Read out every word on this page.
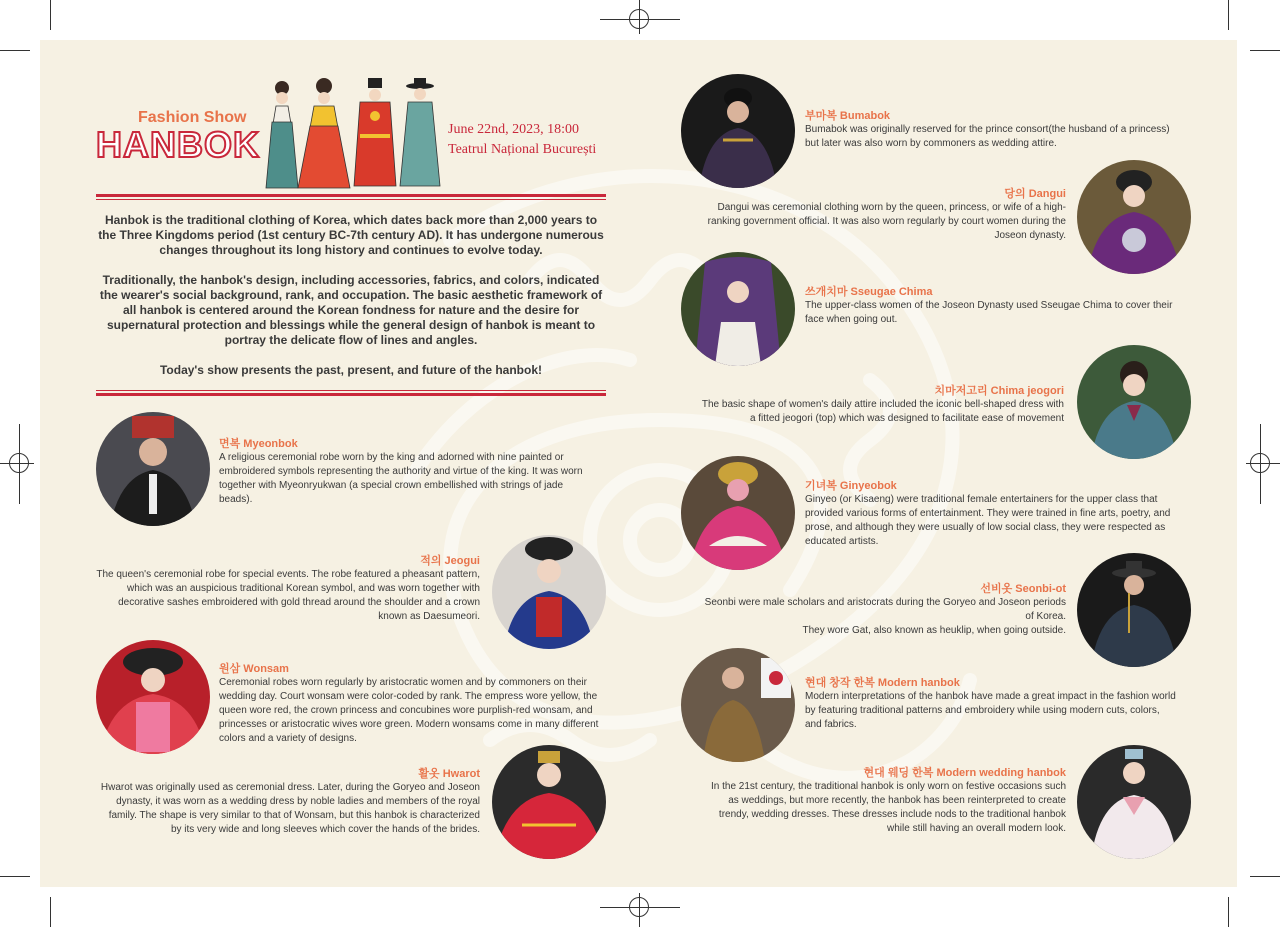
Fashion Show
HANBOK	June 22nd, 2023, 18:00
Teatrul Național București

Hanbok is the traditional clothing of Korea, which dates back more than 2,000 years to the Three Kingdoms period (1st century BC-7th century AD). It has undergone numerous changes throughout its long history and continues to evolve today.

Traditionally, the hanbok's design, including accessories, fabrics, and colors, indicated the wearer's social background, rank, and occupation. The basic aesthetic framework of all hanbok is centered around the Korean fondness for nature and the desire for supernatural protection and blessings while the general design of hanbok is meant to portray the delicate flow of lines and angles.

Today's show presents the past, present, and future of the hanbok!

면복 Myeonbok

A religious ceremonial robe worn by the king and adorned with nine painted or embroidered symbols representing the authority and virtue of the king. It was worn together with Myeonryukwan (a special crown embellished with strings of jade beads).

적의 Jeogui

The queen's ceremonial robe for special events. The robe featured a pheasant pattern, which was an auspicious traditional Korean symbol, and was worn together with decorative sashes embroidered with gold thread around the shoulder and a crown known as Daesumeori.

원삼 Wonsam

Ceremonial robes worn regularly by aristocratic women and by commoners on their wedding day. Court wonsam were color-coded by rank. The empress wore yellow, the queen wore red, the crown princess and concubines wore purplish-red wonsam, and princesses or aristocratic wives wore green. Modern wonsams come in many different colors and a variety of designs.

활옷 Hwarot

Hwarot was originally used as ceremonial dress. Later, during the Goryeo and Joseon dynasty, it was worn as a wedding dress by noble ladies and members of the royal family. The shape is very similar to that of Wonsam, but this hanbok is characterized by its very wide and long sleeves which cover the hands of the brides.

부마복 Bumabok

Bumabok was originally reserved for the prince consort(the husband of a princess) but later was also worn by commoners as wedding attire.

당의 Dangui

Dangui was ceremonial clothing worn by the queen, princess, or wife of a high-ranking government official. It was also worn regularly by court women during the Joseon dynasty.

쓰개치마 Sseugae Chima

The upper-class women of the Joseon Dynasty used Sseugae Chima to cover their face when going out.

치마저고리 Chima jeogori

The basic shape of women's daily attire included the iconic bell-shaped dress with a fitted jeogori (top) which was designed to facilitate ease of movement

기녀복 Ginyeobok

Ginyeo (or Kisaeng) were traditional female entertainers for the upper class that provided various forms of entertainment. They were trained in fine arts, poetry, and prose, and although they were usually of low social class, they were respected as educated artists.

선비옷 Seonbi-ot

Seonbi were male scholars and aristocrats during the Goryeo and Joseon periods of Korea.

They wore Gat, also known as heuklip, when going outside.

현대 창작 한복 Modern hanbok

Modern interpretations of the hanbok have made a great impact in the fashion world by featuring traditional patterns and embroidery while using modern cuts, colors, and fabrics.

현대 웨딩 한복 Modern wedding hanbok

In the 21st century, the traditional hanbok is only worn on festive occasions such as weddings, but more recently, the hanbok has been reinterpreted to create trendy, wedding dresses. These dresses include nods to the traditional hanbok while still having an overall modern look.
